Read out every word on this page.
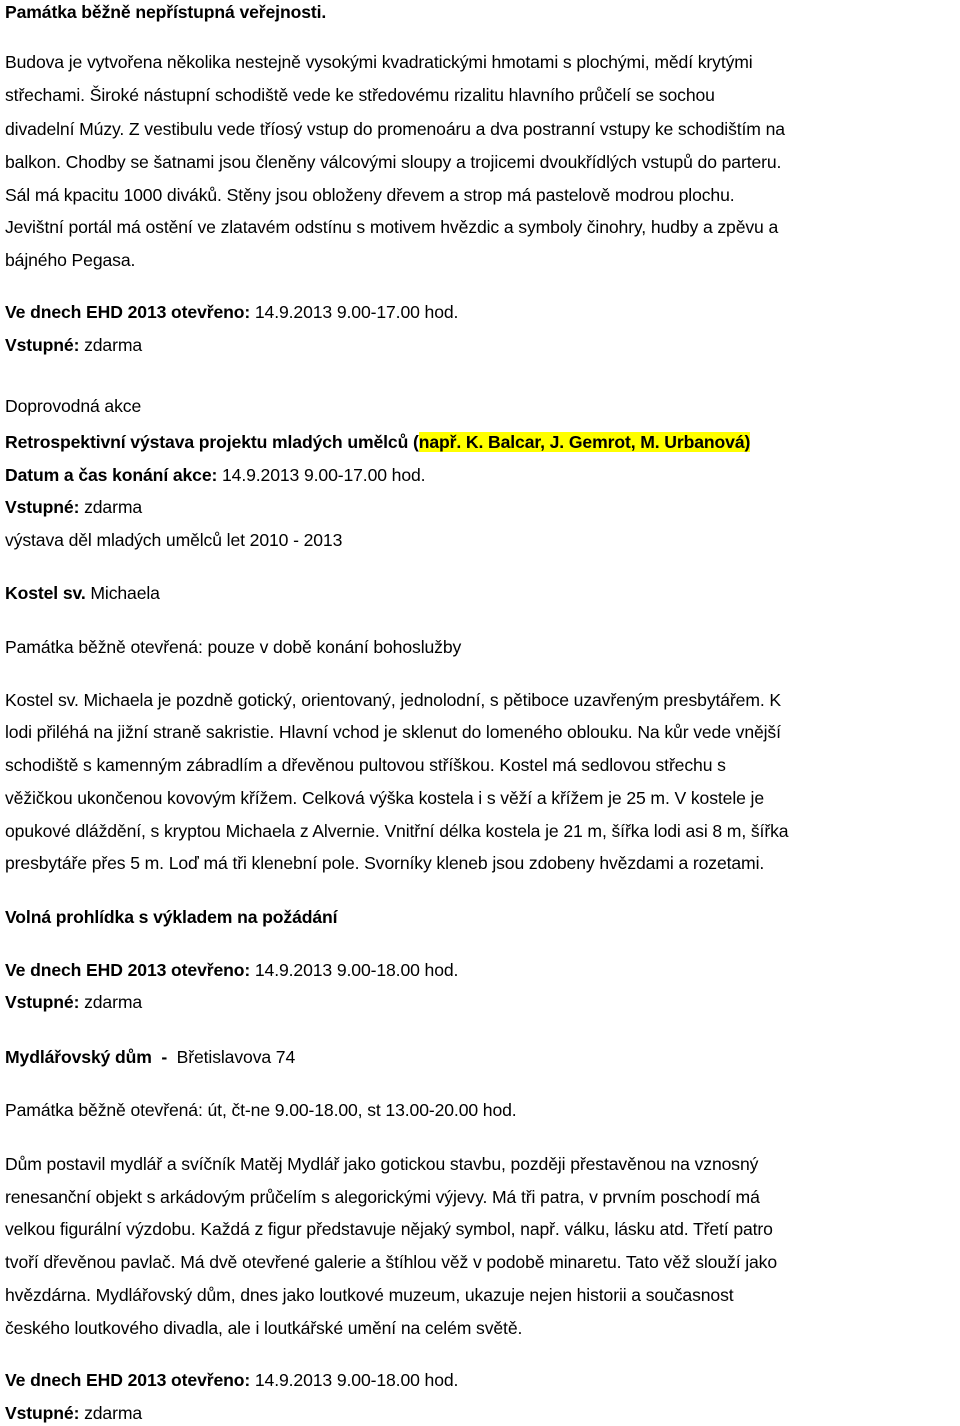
Památka běžně nepřístupná veřejnosti.
Budova je vytvořena několika nestejně vysokými kvadratickými hmotami s plochými, mědí krytými
střechami. Široké nástupní schodiště vede ke středovému rizalitu hlavního průčelí se sochou
divadelní Múzy. Z vestibulu vede tříosý vstup do promenoáru a dva postranní vstupy ke schodištím na
balkon. Chodby se šatnami jsou členěny válcovými sloupy a trojicemi dvoukřídlých vstupů do parteru.
Sál má kpacitu 1000 diváků. Stěny jsou obloženy dřevem a strop má pastelově modrou plochu.
Jevištní portál má ostění ve zlatavém odstínu s motivem hvězdic a symboly činohry, hudby a zpěvu a
bájného Pegasa.
Ve dnech EHD 2013 otevřeno: 14.9.2013 9.00-17.00 hod.
Vstupné: zdarma
Doprovodná akce
Retrospektivní výstava projektu mladých umělců (např. K. Balcar, J. Gemrot, M. Urbanová)
Datum a čas konání akce: 14.9.2013 9.00-17.00 hod.
Vstupné: zdarma
výstava děl mladých umělců let 2010 - 2013
Kostel sv. Michaela
Památka běžně otevřená: pouze v době konání bohoslužby
Kostel sv. Michaela je pozdně gotický, orientovaný, jednolodní, s pětiboce uzavřeným presbytářem. K
lodi přiléhá na jižní straně sakristie. Hlavní vchod je sklenut do lomeného oblouku. Na kůr vede vnější
schodiště s kamenným zábradlím a dřevěnou pultovou stříškou. Kostel má sedlovou střechu s
věžičkou ukončenou kovovým křížem. Celková výška kostela i s věží a křížem je 25 m. V kostele je
opukové dláždění, s kryptou Michaela z Alvernie. Vnitřní délka kostela je 21 m, šířka lodi asi 8 m, šířka
presbytáře přes 5 m. Loď má tři klenební pole. Svorníky kleneb jsou zdobeny hvězdami a rozetami.
Volná prohlídka s výkladem na požádání
Ve dnech EHD 2013 otevřeno: 14.9.2013 9.00-18.00 hod.
Vstupné: zdarma
Mydlářovský dům  -  Břetislavova 74
Památka běžně otevřená: út, čt-ne 9.00-18.00, st 13.00-20.00 hod.
Dům postavil mydlář a svíčník Matěj Mydlář jako gotickou stavbu, později přestavěnou na vznosný
renesanční objekt s arkádovým průčelím s alegorickými výjevy. Má tři patra, v prvním poschodí má
velkou figurální výzdobu. Každá z figur představuje nějaký symbol, např. válku, lásku atd. Třetí patro
tvoří dřevěnou pavlač. Má dvě otevřené galerie a štíhlou věž v podobě minaretu. Tato věž slouží jako
hvězdárna. Mydlářovský dům, dnes jako loutkové muzeum, ukazuje nejen historii a současnost
českého loutkového divadla, ale i loutkářské umění na celém světě.
Ve dnech EHD 2013 otevřeno: 14.9.2013 9.00-18.00 hod.
Vstupné: zdarma
